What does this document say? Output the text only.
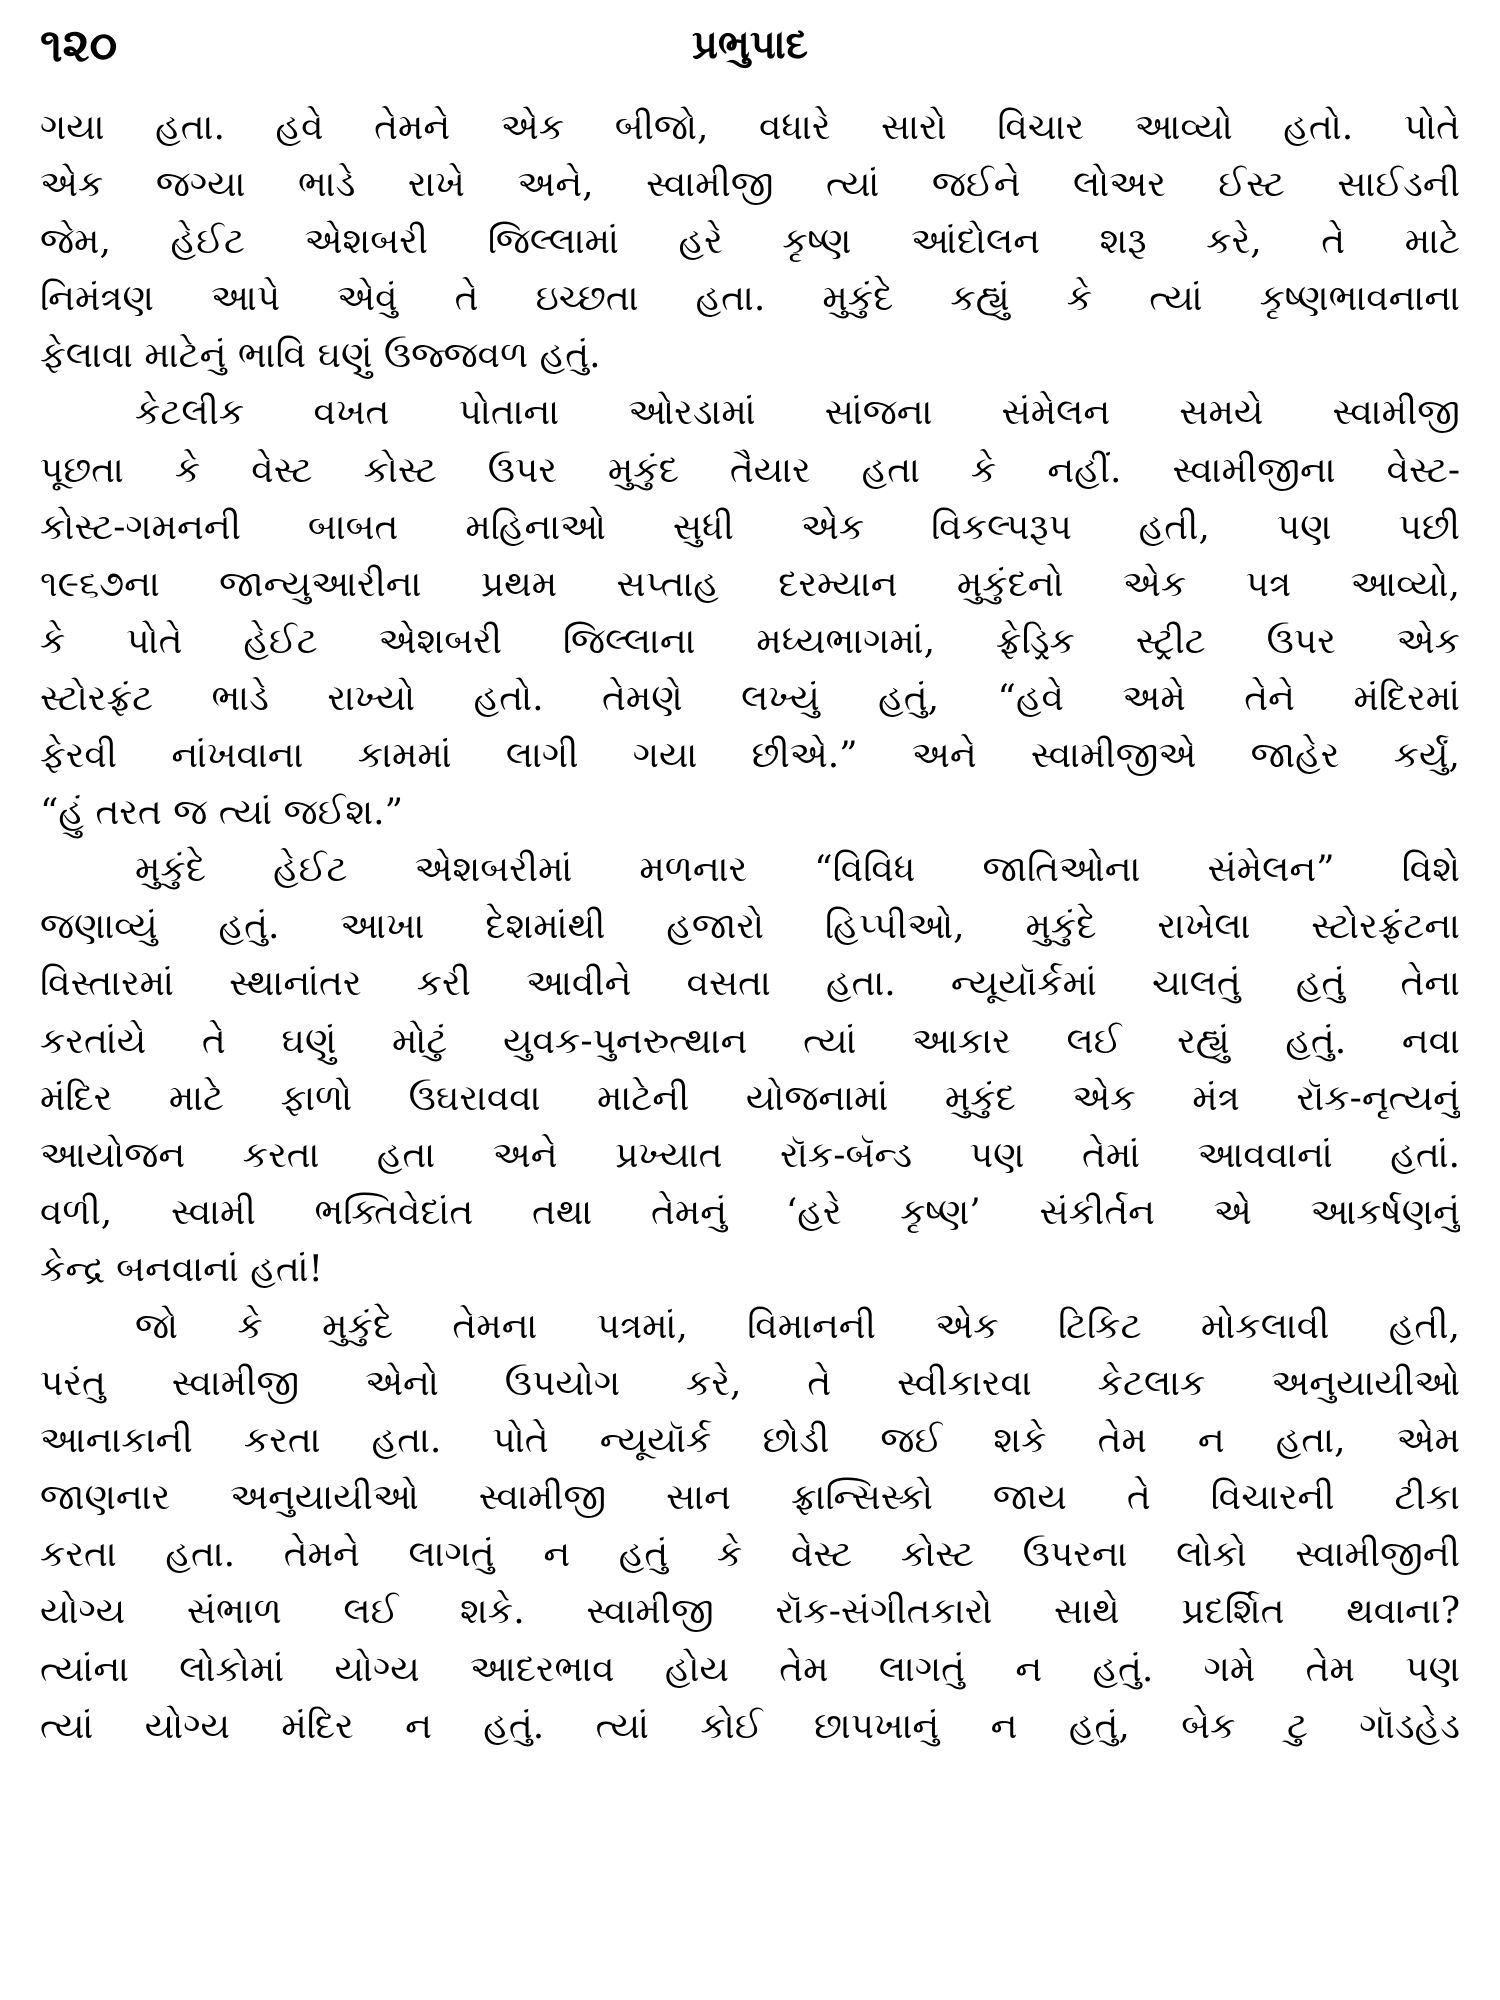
૧૨૦	પ્રભુપાદ
ગયા હતા. હવે તેમને એક બીજો, વધારે સારો વિચાર આવ્યો હતો. પોતે
એક જગ્યા ભાડે રાખે અને, સ્વામીજી ત્યાં જઈને લોઅર ઈસ્ટ સાઈડની
જેમ, હેઈટ એશબરી જિલ્લામાં હરે કૃષ્ણ આંદોલન શરૂ કરે, તે માટે
નિમંત્રણ આપે એવું તે ઇચ્છતા હતા. મુકુંદે કહ્યું કે ત્યાં કૃષ્ણભાવનાના
ફેલાવા માટેનું ભાવિ ઘણું ઉજ્જવળ હતું.
કેટલીક વખત પોતાના ઓરડામાં સાંજના સંમેલન સમયે સ્વામીજી
પૂછતા કે વેસ્ટ કોસ્ટ ઉપર મુકુંદ તૈયાર હતા કે નહીં. સ્વામીજીના વેસ્ટ-
કોસ્ટ-ગમનની બાબત મહિનાઓ સુધી એક વિકલ્પરૂપ હતી, પણ પછી
૧૯૬૭ના જાન્યુઆરીના પ્રથમ સપ્તાહ દરમ્યાન મુકુંદનો એક પત્ર આવ્યો,
કે પોતે હેઈટ એશબરી જિલ્લાના મધ્યભાગમાં, ફ્રેડ્રિક સ્ટ્રીટ ઉપર એક
સ્ટોરફ્રંટ ભાડે રાખ્યો હતો. તેમણે લખ્યું હતું, “હવે અમે તેને મંદિરમાં
ફેરવી નાંખવાના કામમાં લાગી ગયા છીએ.” અને સ્વામીજીએ જાહેર કર્યું,
“હું તરત જ ત્યાં જઈશ.”
મુકુંદે હેઈટ એશબરીમાં મળનાર “વિવિધ જાતિઓના સંમેલન” વિશે
જણાવ્યું હતું. આખા દેશમાંથી હજારો હિપ્પીઓ, મુકુંદે રાખેલા સ્ટોરફ્રંટના
વિસ્તારમાં સ્થાનાંતર કરી આવીને વસતા હતા. ન્યૂયૉર્કમાં ચાલતું હતું તેના
કરતાંયે તે ઘણું મોટું યુવક-પુનરુત્થાન ત્યાં આકાર લઈ રહ્યું હતું. નવા
મંદિર માટે ફાળો ઉઘરાવવા માટેની યોજનામાં મુકુંદ એક મંત્ર રૉક-નૃત્યનું
આયોજન કરતા હતા અને પ્રખ્યાત રૉક-બૅન્ડ પણ તેમાં આવવાનાં હતાં.
વળી, સ્વામી ભક્તિવેદાંત તથા તેમનું ‘હરે કૃષ્ણ’ સંકીર્તન એ આકર્ષણનું
કેન્દ્ર બનવાનાં હતાં!
જો કે મુકુંદે તેમના પત્રમાં, વિમાનની એક ટિકિટ મોકલાવી હતી,
પરંતુ સ્વામીજી એનો ઉપયોગ કરે, તે સ્વીકારવા કેટલાક અનુયાયીઓ
આનાકાની કરતા હતા. પોતે ન્યૂયૉર્ક છોડી જઈ શકે તેમ ન હતા, એમ
જાણનાર અનુયાયીઓ સ્વામીજી સાન ફ્રાન્સિસ્કો જાય તે વિચારની ટીકા
કરતા હતા. તેમને લાગતું ન હતું કે વેસ્ટ કોસ્ટ ઉપરના લોકો સ્વામીજીની
યોગ્ય સંભાળ લઈ શકે. સ્વામીજી રૉક-સંગીતકારો સાથે પ્રદર્શિત થવાના?
ત્યાંના લોકોમાં યોગ્ય આદરભાવ હોય તેમ લાગતું ન હતું. ગમે તેમ પણ
ત્યાં યોગ્ય મંદિર ન હતું. ત્યાં કોઈ છાપખાનું ન હતું, બેક ટુ ગૉડહેડ
